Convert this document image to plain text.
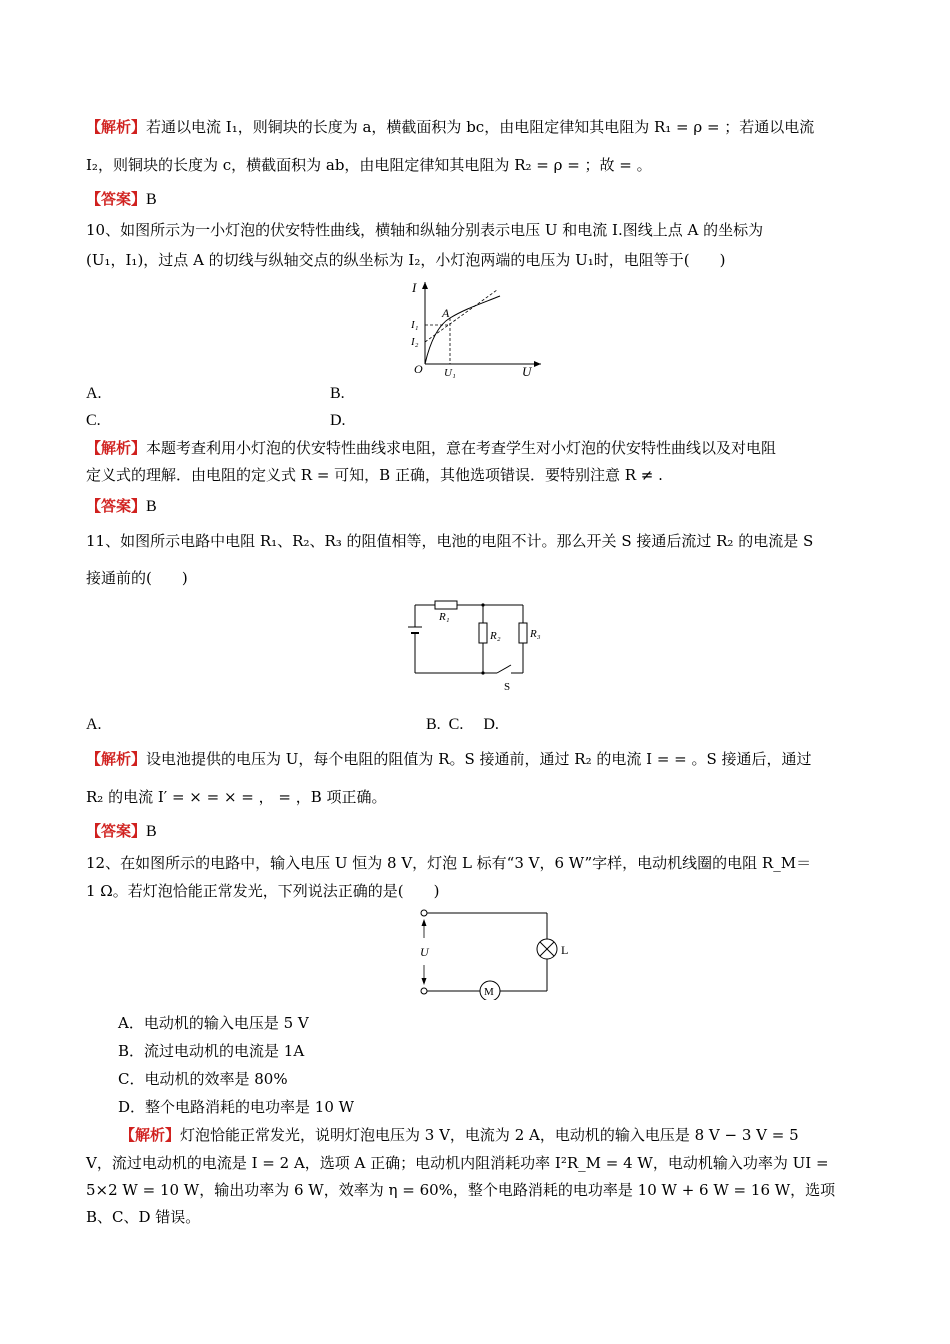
【解析】若通以电流 I₁，则铜块的长度为 a，横截面积为 bc，由电阻定律知其电阻为 R₁ = ρ = ；若通以电流
I₂，则铜块的长度为 c，横截面积为 ab，由电阻定律知其电阻为 R₂ = ρ = ；故 = 。
【答案】B
10、如图所示为一小灯泡的伏安特性曲线，横轴和纵轴分别表示电压 U 和电流 I.图线上点 A 的坐标为
(U₁，I₁)，过点 A 的切线与纵轴交点的纵坐标为 I₂，小灯泡两端的电压为 U₁时，电阻等于(　　)
I
U
O
A
I₁
I₂
U₁
A.	B.
C.	D.
【解析】本题考查利用小灯泡的伏安特性曲线求电阻，意在考查学生对小灯泡的伏安特性曲线以及对电阻
定义式的理解．由电阻的定义式 R = 可知，B 正确，其他选项错误．要特别注意 R ≠ .
【答案】B
11、如图所示电路中电阻 R₁、R₂、R₃ 的阻值相等，电池的电阻不计。那么开关 S 接通后流过 R₂ 的电流是 S
接通前的(　　)
R₁
R₂	R₃
S
A.	B.  C.     D.
【解析】设电池提供的电压为 U，每个电阻的阻值为 R。S 接通前，通过 R₂ 的电流 I = = 。S 接通后，通过
R₂ 的电流 I′ = × = × = ， = ，B 项正确。
【答案】B
12、在如图所示的电路中，输入电压 U 恒为 8 V，灯泡 L 标有“3 V，6 W”字样，电动机线圈的电阻 R_M＝
1 Ω。若灯泡恰能正常发光，下列说法正确的是(　　)
U	L
M
A．电动机的输入电压是 5 V
B．流过电动机的电流是 1A
C．电动机的效率是 80%
D．整个电路消耗的电功率是 10 W
【解析】灯泡恰能正常发光，说明灯泡电压为 3 V，电流为 2 A，电动机的输入电压是 8 V − 3 V = 5
V，流过电动机的电流是 I = 2 A，选项 A 正确；电动机内阻消耗功率 I²R_M = 4 W，电动机输入功率为 UI =
5×2 W = 10 W，输出功率为 6 W，效率为 η = 60%，整个电路消耗的电功率是 10 W + 6 W = 16 W，选项
B、C、D 错误。
